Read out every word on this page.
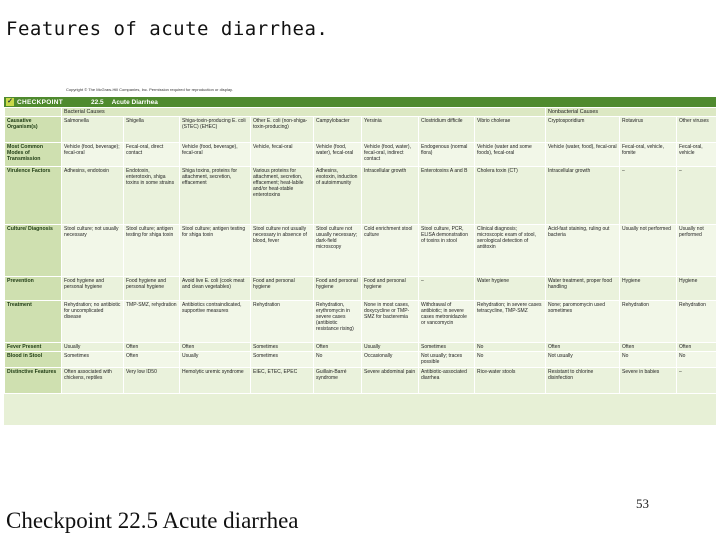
Features of acute diarrhea.
Copyright © The McGraw-Hill Companies, Inc. Permission required for reproduction or display.
✓ CHECKPOINT	22.5 Acute Diarrhea
	Bacterial Causes								Nonbacterial Causes		
Causative Organism(s)	Salmonella	Shigella	Shiga-toxin-producing E. coli (STEC) (EHEC)	Other E. coli (non-shiga-toxin-producing)	Campylobacter	Yersinia	Clostridium difficile	Vibrio cholerae	Cryptosporidium	Rotavirus	Other viruses
Most Common Modes of Transmission	Vehicle (food, beverage); fecal-oral	Fecal-oral, direct contact	Vehicle (food, beverage), fecal-oral	Vehicle, fecal-oral	Vehicle (food, water), fecal-oral	Vehicle (food, water), fecal-oral, indirect contact	Endogenous (normal flora)	Vehicle (water and some foods), fecal-oral	Vehicle (water, food), fecal-oral	Fecal-oral, vehicle, fomite	Fecal-oral, vehicle
Virulence Factors	Adhesins, endotoxin	Endotoxin, enterotoxin, shiga toxins in some strains	Shiga toxins, proteins for attachment, secretion, effacement	Various proteins for attachment, secretion, effacement; heat-labile and/or heat-stable enterotoxins	Adhesins, exotoxin, induction of autoimmunity	Intracellular growth	Enterotoxins A and B	Cholera toxin (CT)	Intracellular growth	–	–
Culture/ Diagnosis	Stool culture; not usually necessary	Stool culture; antigen testing for shiga toxin	Stool culture; antigen testing for shiga toxin	Stool culture not usually necessary in absence of blood, fever	Stool culture not usually necessary; dark-field microscopy	Cold enrichment stool culture	Stool culture, PCR, ELISA demonstration of toxins in stool	Clinical diagnosis; microscopic exam of stool, serological detection of antitoxin	Acid-fast staining, ruling out bacteria	Usually not performed	Usually not performed
Prevention	Food hygiene and personal hygiene	Food hygiene and personal hygiene	Avoid live E. coli (cook meat and clean vegetables)	Food and personal hygiene	Food and personal hygiene	Food and personal hygiene	–	Water hygiene	Water treatment, proper food handling	Hygiene	Hygiene
Treatment	Rehydration; no antibiotic for uncomplicated disease	TMP-SMZ, rehydration	Antibiotics contraindicated, supportive measures	Rehydration	Rehydration, erythromycin in severe cases (antibiotic resistance rising)	None in most cases, doxycycline or TMP-SMZ for bacteremia	Withdrawal of antibiotic; in severe cases metronidazole or vancomycin	Rehydration; in severe cases tetracycline, TMP-SMZ	None; paromomycin used sometimes	Rehydration	Rehydration
Fever Present	Usually	Often	Often	Sometimes	Often	Usually	Sometimes	No	Often	Often	Often
Blood in Stool	Sometimes	Often	Usually	Sometimes	No	Occasionally	Not usually; traces possible	No	Not usually	No	No
Distinctive Features	Often associated with chickens, reptiles	Very low ID50	Hemolytic uremic syndrome	EIEC, ETEC, EPEC	Guillain-Barré syndrome	Severe abdominal pain	Antibiotic-associated diarrhea	Rice-water stools	Resistant to chlorine disinfection	Severe in babies	–
53
Checkpoint 22.5 Acute diarrhea
